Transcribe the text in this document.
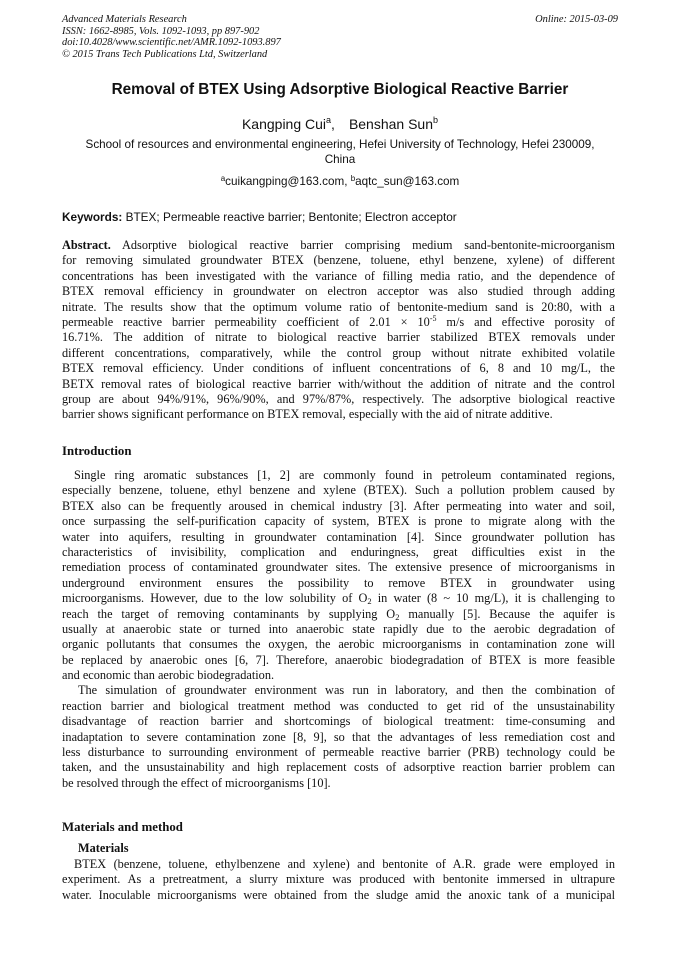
Advanced Materials Research
ISSN: 1662-8985, Vols. 1092-1093, pp 897-902
doi:10.4028/www.scientific.net/AMR.1092-1093.897
© 2015 Trans Tech Publications Ltd, Switzerland
Online: 2015-03-09
Removal of BTEX Using Adsorptive Biological Reactive Barrier
Kangping Cui$^a$, Benshan Sun$^b$
School of resources and environmental engineering, Hefei University of Technology, Hefei 230009,
China
$^a$cuikangping@163.com, $^b$aqtc_sun@163.com
Keywords: BTEX; Permeable reactive barrier; Bentonite; Electron acceptor
Abstract. Adsorptive biological reactive barrier comprising medium sand-bentonite-microorganism
for removing simulated groundwater BTEX (benzene, toluene, ethyl benzene, xylene) of different
concentrations has been investigated with the variance of filling media ratio, and the dependence of
BTEX removal efficiency in groundwater on electron acceptor was also studied through adding
nitrate. The results show that the optimum volume ratio of bentonite-medium sand is 20:80, with a
permeable reactive barrier permeability coefficient of $2.01 \times 10^{-5}$ m/s and effective porosity of
16.71%. The addition of nitrate to biological reactive barrier stabilized BTEX removals under
different concentrations, comparatively, while the control group without nitrate exhibited volatile
BTEX removal efficiency. Under conditions of influent concentrations of 6, 8 and 10 mg/L, the
BETX removal rates of biological reactive barrier with/without the addition of nitrate and the control
group are about 94%/91%, 96%/90%, and 97%/87%, respectively. The adsorptive biological reactive
barrier shows significant performance on BTEX removal, especially with the aid of nitrate additive.
Introduction
Single ring aromatic substances [1, 2] are commonly found in petroleum contaminated regions,
especially benzene, toluene, ethyl benzene and xylene (BTEX). Such a pollution problem caused by
BTEX also can be frequently aroused in chemical industry [3]. After permeating into water and soil,
once surpassing the self-purification capacity of system, BTEX is prone to migrate along with the
water into aquifers, resulting in groundwater contamination [4]. Since groundwater pollution has
characteristics of invisibility, complication and enduringness, great difficulties exist in the
remediation process of contaminated groundwater sites. The extensive presence of microorganisms in
underground environment ensures the possibility to remove BTEX in groundwater using
microorganisms. However, due to the low solubility of $O_2$ in water (8 ~ 10 mg/L), it is challenging to
reach the target of removing contaminants by supplying $O_2$ manually [5]. Because the aquifer is
usually at anaerobic state or turned into anaerobic state rapidly due to the aerobic degradation of
organic pollutants that consumes the oxygen, the aerobic microorganisms in contamination zone will
be replaced by anaerobic ones [6, 7]. Therefore, anaerobic biodegradation of BTEX is more feasible
and economic than aerobic biodegradation.
The simulation of groundwater environment was run in laboratory, and then the combination of
reaction barrier and biological treatment method was conducted to get rid of the unsustainability
disadvantage of reaction barrier and shortcomings of biological treatment: time-consuming and
inadaptation to severe contamination zone [8, 9], so that the advantages of less remediation cost and
less disturbance to surrounding environment of permeable reactive barrier (PRB) technology could be
taken, and the unsustainability and high replacement costs of adsorptive reaction barrier problem can
be resolved through the effect of microorganisms [10].
Materials and method
Materials
BTEX (benzene, toluene, ethylbenzene and xylene) and bentonite of A.R. grade were employed in
experiment. As a pretreatment, a slurry mixture was produced with bentonite immersed in ultrapure
water. Inoculable microorganisms were obtained from the sludge amid the anoxic tank of a municipal
